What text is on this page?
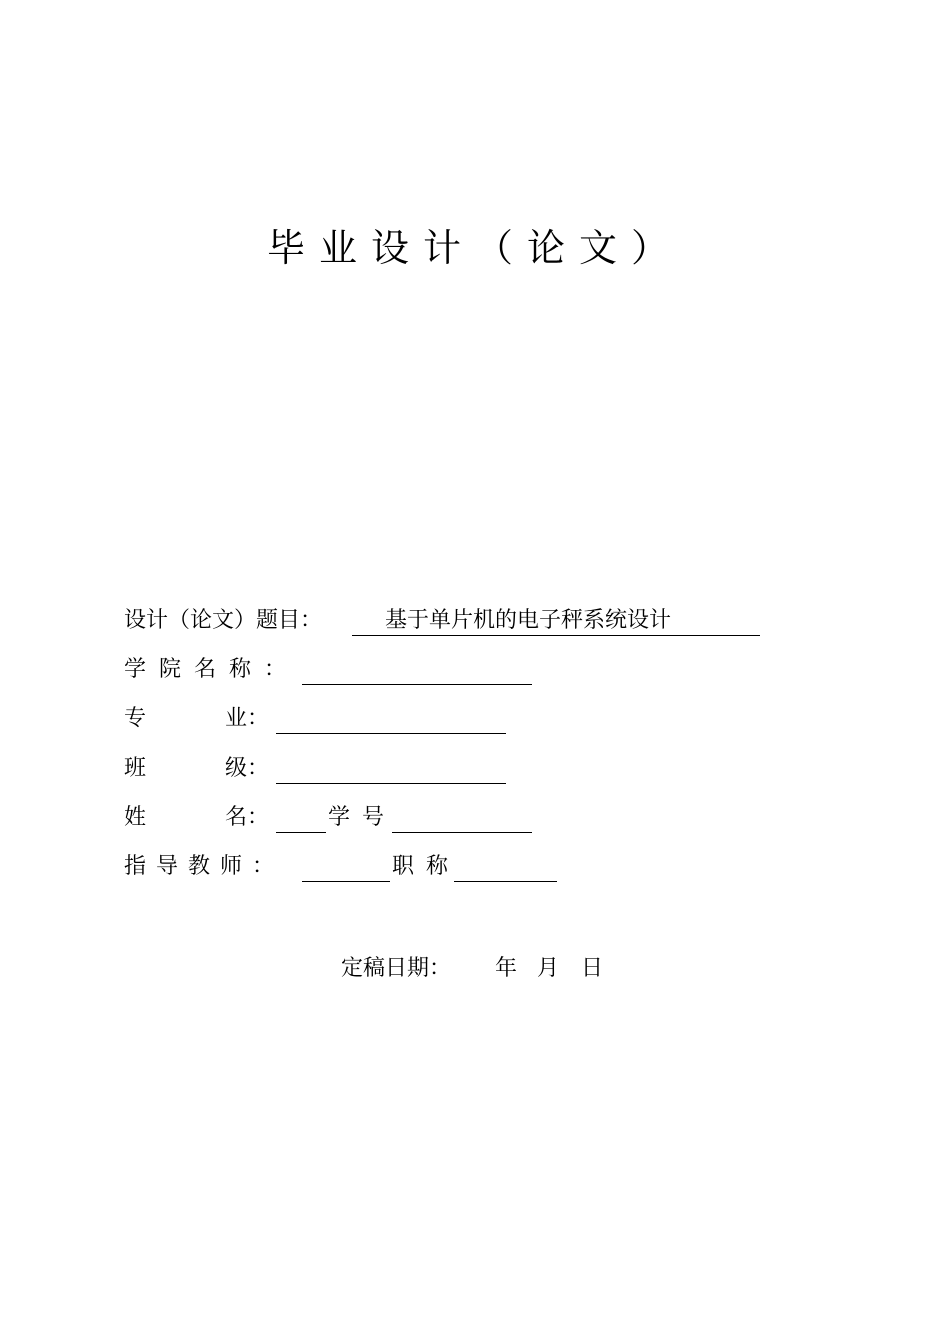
毕业设计（论文）
设计（论文）题目：	基于单片机的电子秤系统设计
学院名称：
专	业：
班	级：
姓	名：	学号
指导教师：	职称
定稿日期： 年 月 日
